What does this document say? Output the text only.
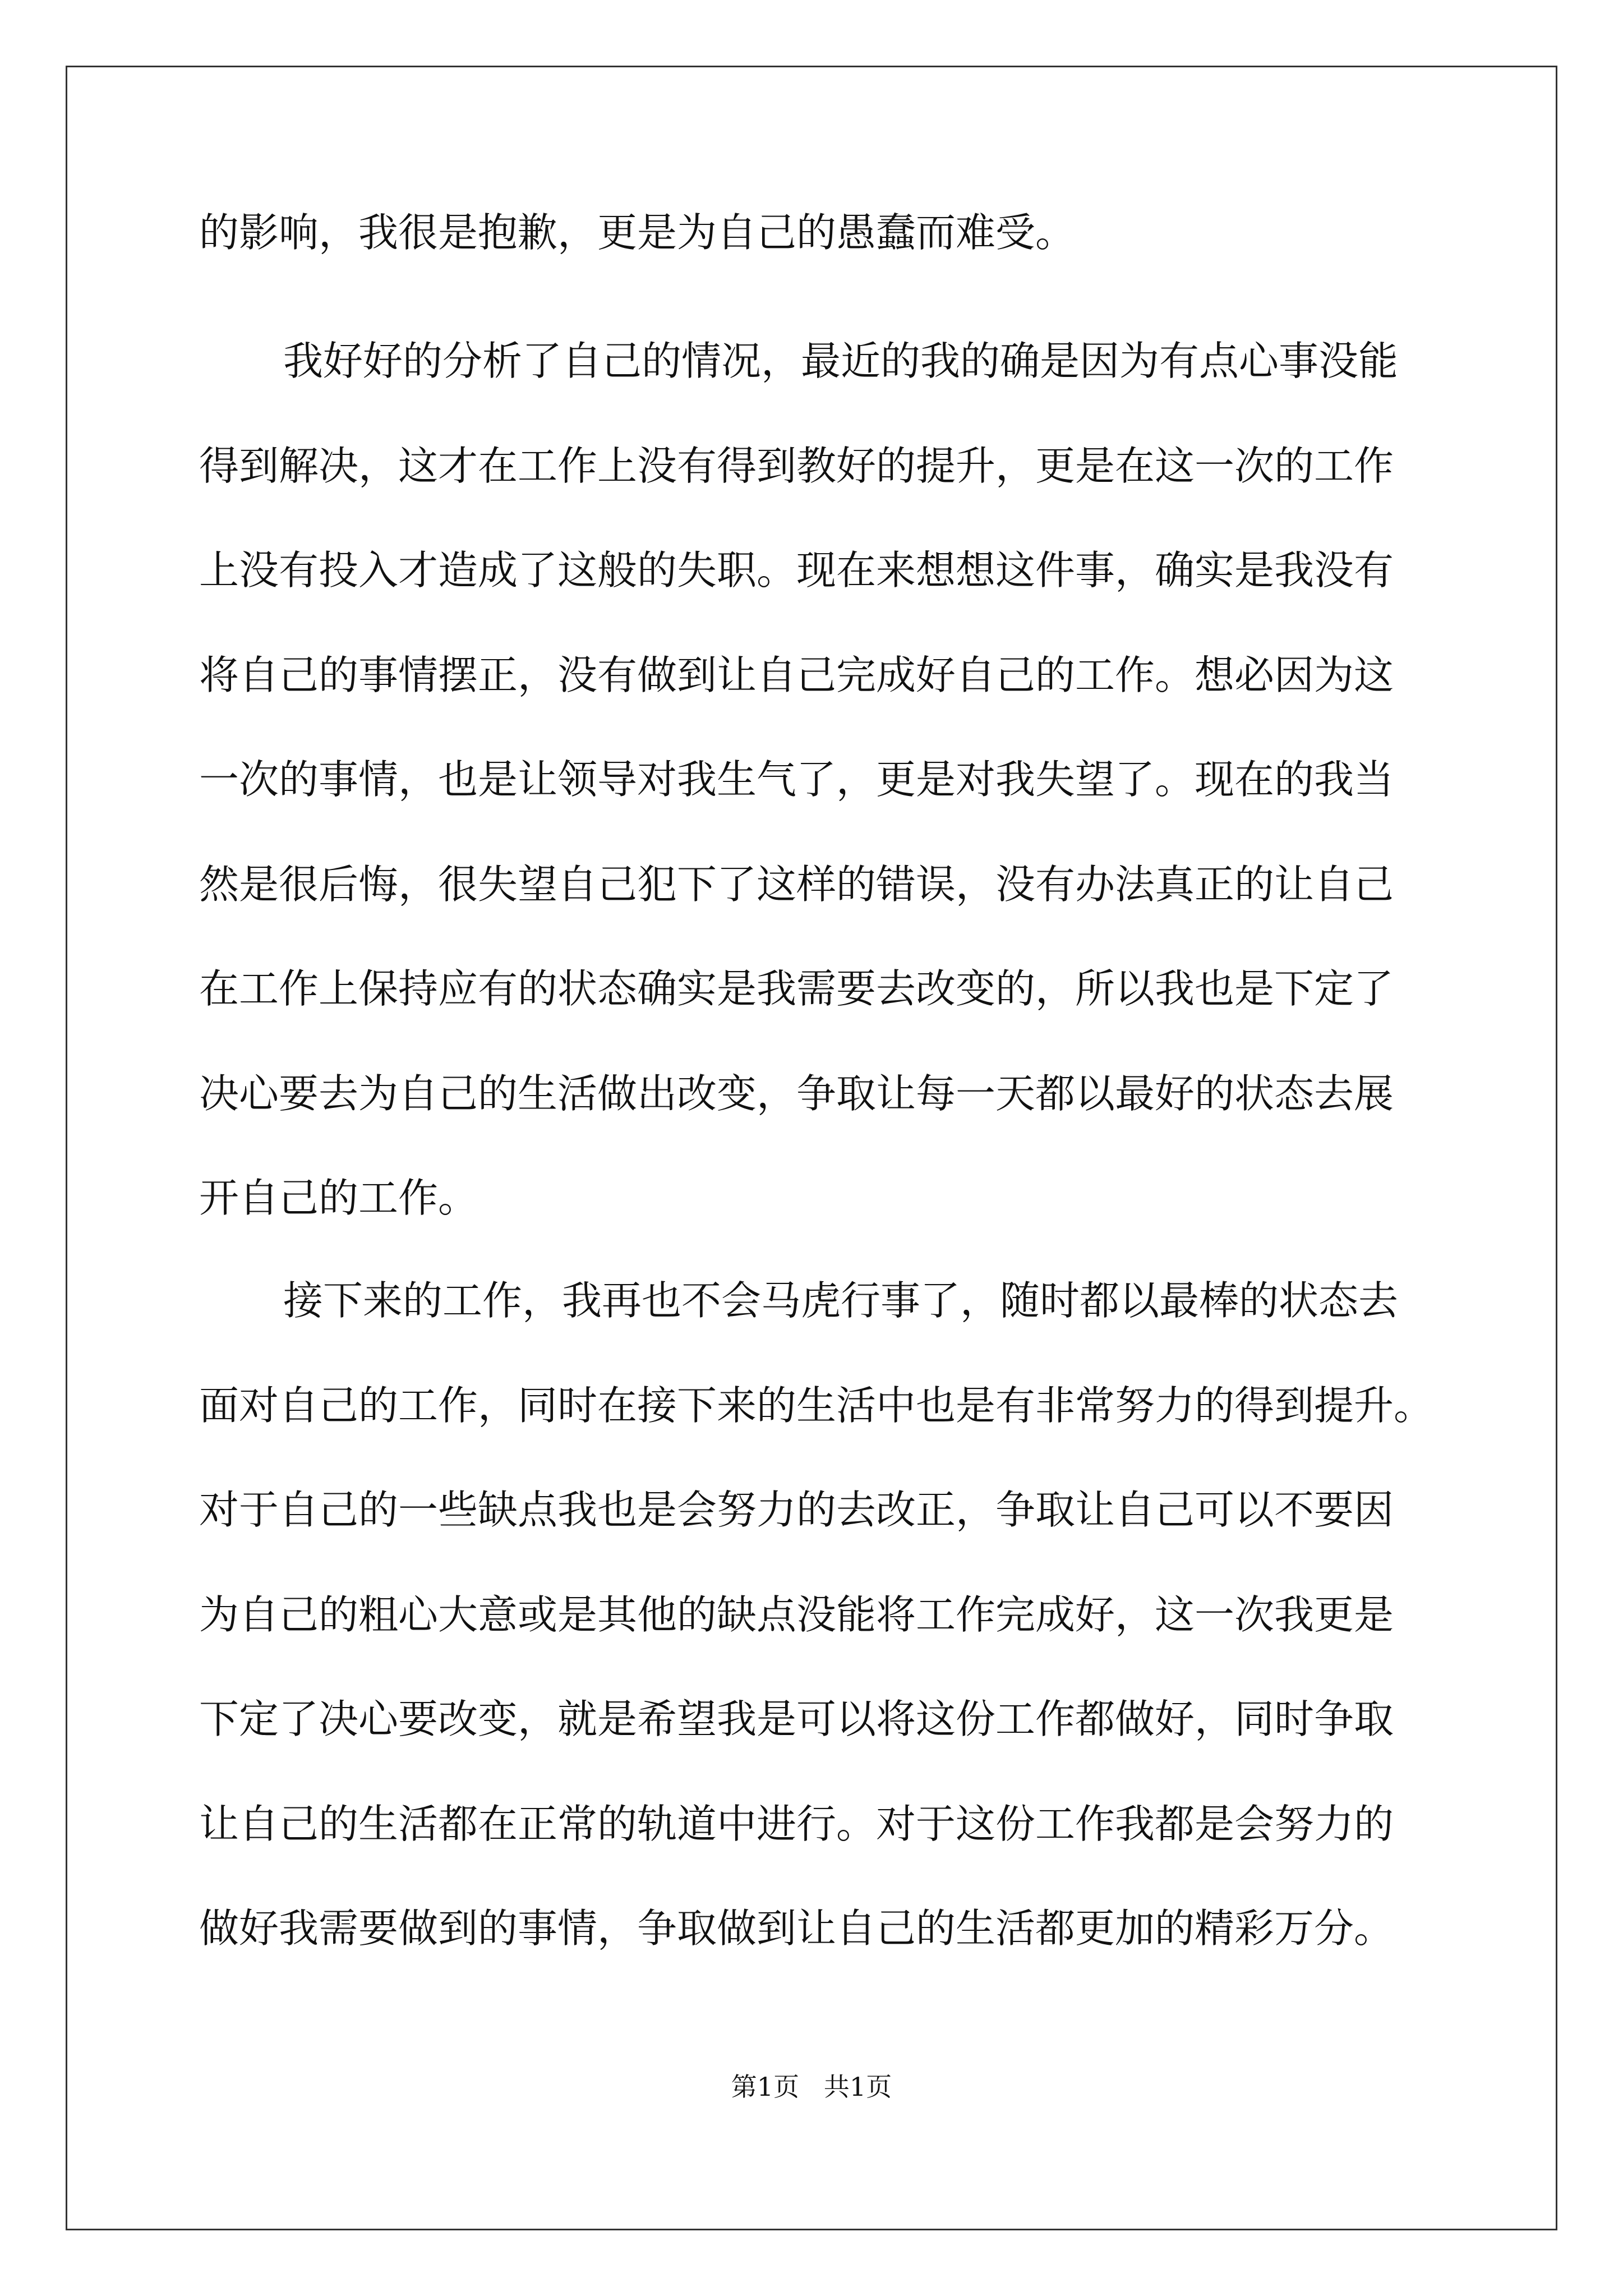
的影响，我很是抱歉，更是为自己的愚蠢而难受。
我好好的分析了自己的情况，最近的我的确是因为有点心事没能
得到解决，这才在工作上没有得到教好的提升，更是在这一次的工作
上没有投入才造成了这般的失职。现在来想想这件事，确实是我没有
将自己的事情摆正，没有做到让自己完成好自己的工作。想必因为这
一次的事情，也是让领导对我生气了，更是对我失望了。现在的我当
然是很后悔，很失望自己犯下了这样的错误，没有办法真正的让自己
在工作上保持应有的状态确实是我需要去改变的，所以我也是下定了
决心要去为自己的生活做出改变，争取让每一天都以最好的状态去展
开自己的工作。
接下来的工作，我再也不会马虎行事了，随时都以最棒的状态去
面对自己的工作，同时在接下来的生活中也是有非常努力的得到提升。
对于自己的一些缺点我也是会努力的去改正，争取让自己可以不要因
为自己的粗心大意或是其他的缺点没能将工作完成好，这一次我更是
下定了决心要改变，就是希望我是可以将这份工作都做好，同时争取
让自己的生活都在正常的轨道中进行。对于这份工作我都是会努力的
做好我需要做到的事情，争取做到让自己的生活都更加的精彩万分。
第1页   共1页
